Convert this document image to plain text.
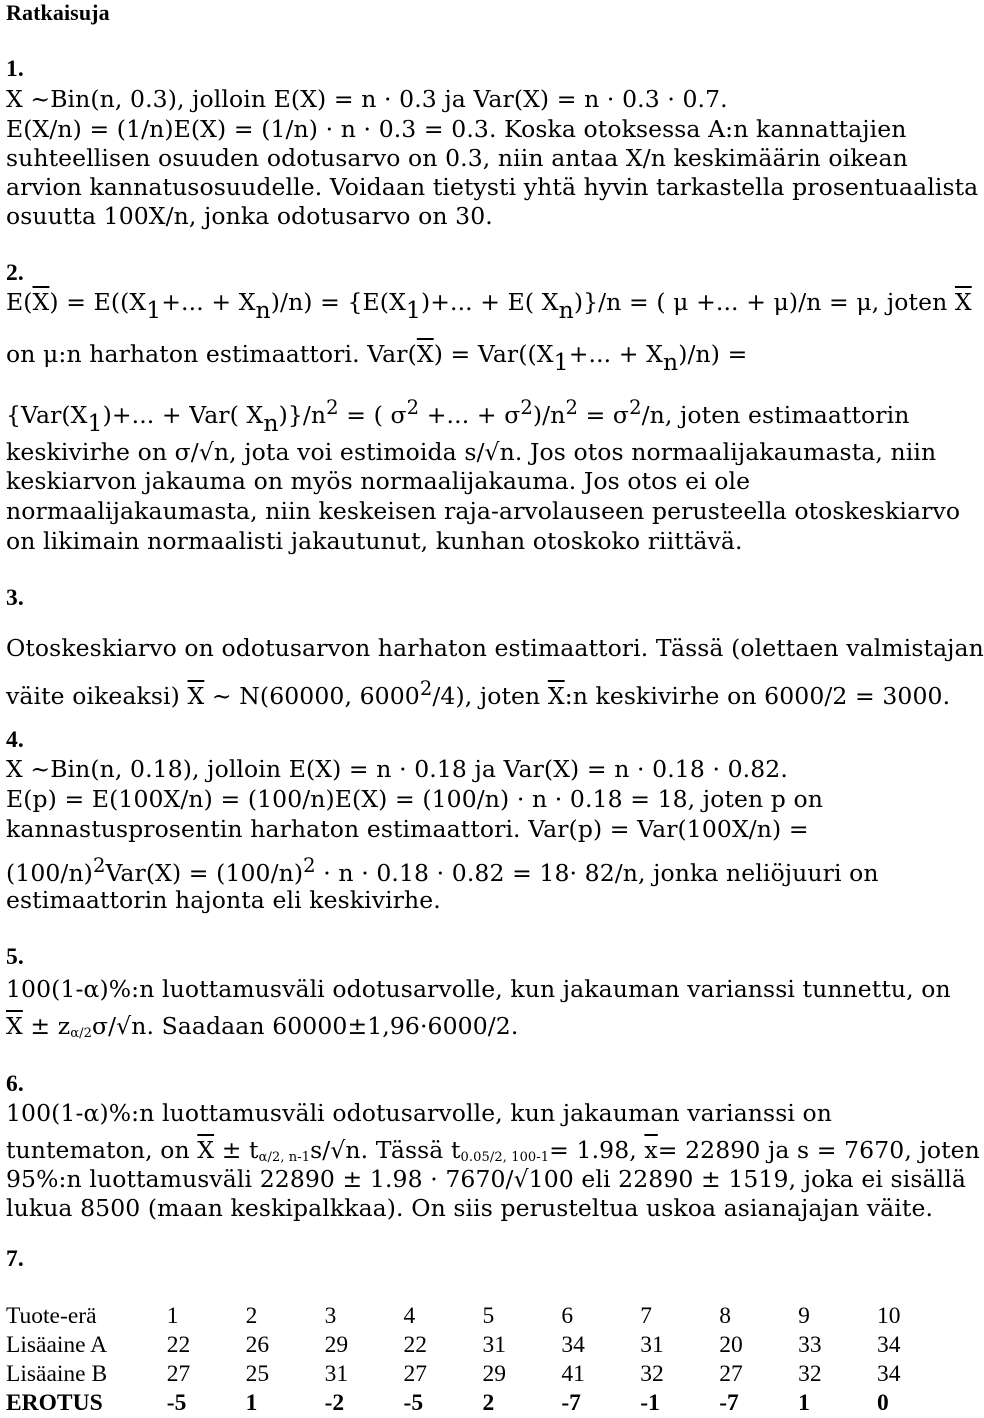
Ratkaisuja
1.
X ~Bin(n, 0.3), jolloin E(X) = n · 0.3 ja Var(X) = n · 0.3 · 0.7.
E(X/n) = (1/n)E(X) = (1/n) · n · 0.3 = 0.3. Koska otoksessa A:n kannattajien
suhteellisen osuuden odotusarvo on 0.3, niin antaa X/n keskimäärin oikean
arvion kannatusosuudelle. Voidaan tietysti yhtä hyvin tarkastella prosentuaalista
osuutta 100X/n, jonka odotusarvo on 30.
2.
$E(\overline{X}) = E((X1+$... + Xn)/n) = {E(X1)+... + E( Xn)}/n = ( μ +... + μ)/n = μ, joten $\overline{X}$
on μ:n harhaton estimaattori. $Var(\overline{X}) = Var((X1+$... + Xn)/n) =
{Var(X1)+... + Var( $Xn)\}/n^2$ = ( $\sigma^2$ +... + $\sigma^2)/n^2 = \sigma^2/n$, joten estimaattorin
keskivirhe on σ/√n, jota voi estimoida s/√n. Jos otos normaalijakaumasta, niin
keskiarvon jakauma on myös normaalijakauma. Jos otos ei ole
normaalijakaumasta, niin keskeisen raja-arvolauseen perusteella otoskeskiarvo
on likimain normaalisti jakautunut, kunhan otoskoko riittävä.
3.
Otoskeskiarvo on odotusarvon harhaton estimaattori. Tässä (olettaen valmistajan
väite oikeaksi) $\overline{X}$ ~ N(60000, 6000$^2$/4), joten $\overline{X}:n$ keskivirhe on 6000/2 = 3000.
4.
X ~Bin(n, 0.18), jolloin E(X) = n · 0.18 ja Var(X) = n · 0.18 · 0.82.
E(p) = E(100X/n) = (100/n)E(X) = (100/n) · n · 0.18 = 18, joten p on
kannastusprosentin harhaton estimaattori. Var(p) = Var(100X/n) =
$(100/n)^2Var(X) = (100/n)^2 \cdot n \cdot 0.18 \cdot 0.82 = 18\cdot 82/n$, jonka neliöjuuri on
estimaattorin hajonta eli keskivirhe.
5.
100(1-α)%:n luottamusväli odotusarvolle, kun jakauman varianssi tunnettu, on
$\overline{X} \pm z\alpha/2\sigma/√n$. Saadaan 60000±1,96·6000/2.
6.
100(1-α)%:n luottamusväli odotusarvolle, kun jakauman varianssi on
tuntematon, on $\overline{X} \pm t\alpha/2$, n-1s/√n. Tässä t0.05/2, 100-1= 1.98, $\overline{x}= 22890$ ja s = 7670, joten
95%:n luottamusväli 22890 ± 1.98 · 7670/√100 eli 22890 ± 1519, joka ei sisällä
lukua 8500 (maan keskipalkkaa). On siis perusteltua uskoa asianajajan väite.
7.
Tuote-erä	1	2	3	4	5	6	7	8	9	10
Lisäaine A	22	26	29	22	31	34	31	20	33	34
Lisäaine B	27	25	31	27	29	41	32	27	32	34
EROTUS	-5	1	-2	-5	2	-7	-1	-7	1	0
